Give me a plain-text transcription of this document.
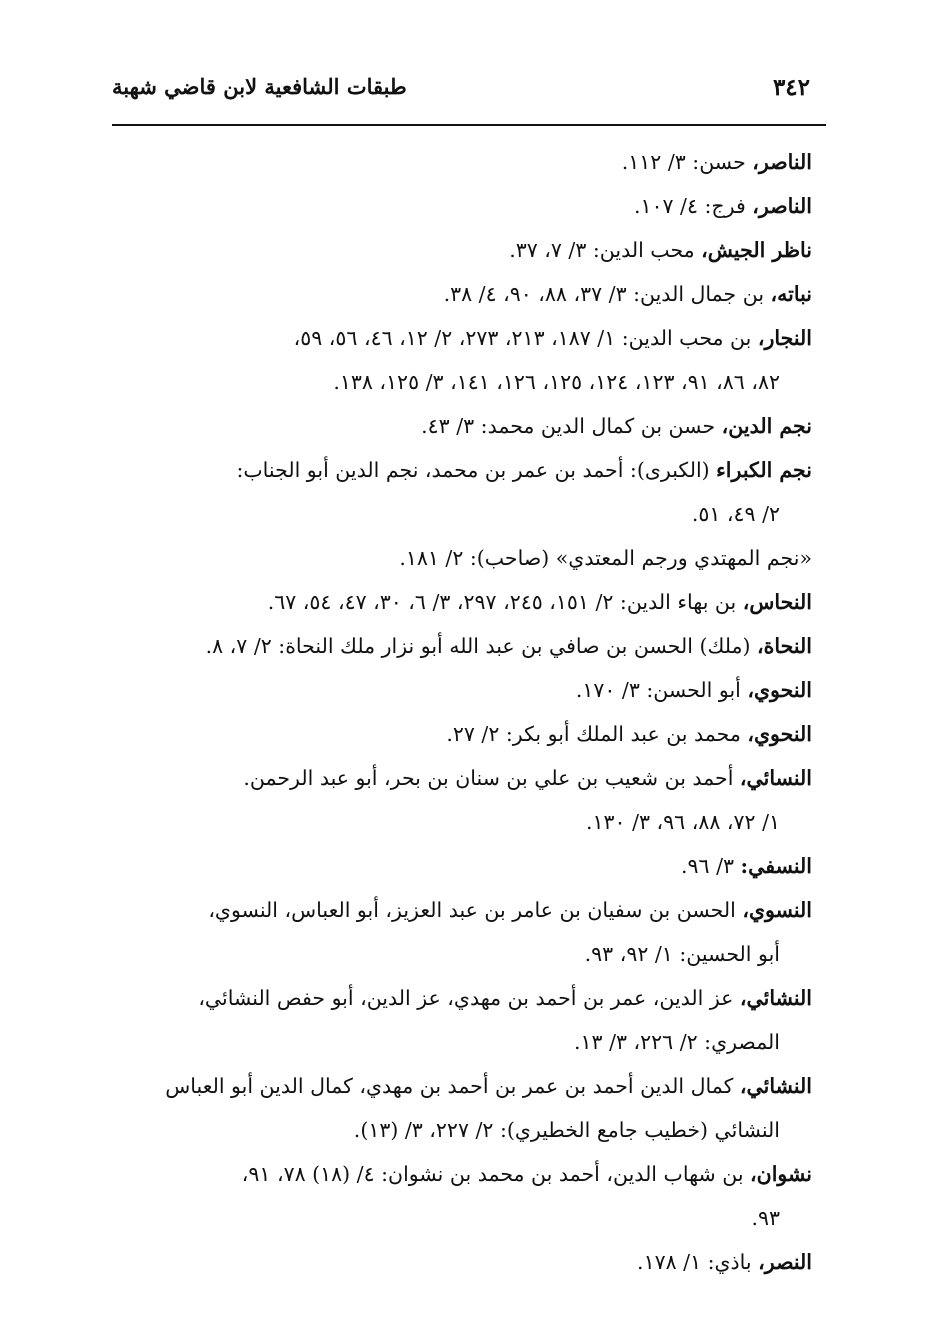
٣٤٢
طبقات الشافعية لابن قاضي شهبة

الناصر، حسن: ٣/ ١١٢.

الناصر، فرج: ٤/ ١٠٧.

ناظر الجيش، محب الدين: ٣/ ٧، ٣٧.

نباته، بن جمال الدين: ٣/ ٣٧، ٨٨، ٩٠، ٤/ ٣٨.

النجار، بن محب الدين: ١/ ١٨٧، ٢١٣، ٢٧٣، ٢/ ١٢، ٤٦، ٥٦، ٥٩،
٨٢، ٨٦، ٩١، ١٢٣، ١٢٤، ١٢٥، ١٢٦، ١٤١، ٣/ ١٢٥، ١٣٨.

نجم الدين، حسن بن كمال الدين محمد: ٣/ ٤٣.

نجم الكبراء (الكبرى): أحمد بن عمر بن محمد، نجم الدين أبو الجناب:
٢/ ٤٩، ٥١.

«نجم المهتدي ورجم المعتدي» (صاحب): ٢/ ١٨١.

النحاس، بن بهاء الدين: ٢/ ١٥١، ٢٤٥، ٢٩٧، ٣/ ٦، ٣٠، ٤٧، ٥٤، ٦٧.

النحاة، (ملك) الحسن بن صافي بن عبد الله أبو نزار ملك النحاة: ٢/ ٧، ٨.

النحوي، أبو الحسن: ٣/ ١٧٠.

النحوي، محمد بن عبد الملك أبو بكر: ٢/ ٢٧.

النسائي، أحمد بن شعيب بن علي بن سنان بن بحر، أبو عبد الرحمن.
١/ ٧٢، ٨٨، ٩٦، ٣/ ١٣٠.

النسفي: ٣/ ٩٦.

النسوي، الحسن بن سفيان بن عامر بن عبد العزيز، أبو العباس، النسوي،
أبو الحسين: ١/ ٩٢، ٩٣.

النشائي، عز الدين، عمر بن أحمد بن مهدي، عز الدين، أبو حفص النشائي،
المصري: ٢/ ٢٢٦، ٣/ ١٣.

النشائي، كمال الدين أحمد بن عمر بن أحمد بن مهدي، كمال الدين أبو العباس
النشائي (خطيب جامع الخطيري): ٢/ ٢٢٧، ٣/ (١٣).

نشوان، بن شهاب الدين، أحمد بن محمد بن نشوان: ٤/ (١٨) ٧٨، ٩١،
٩٣.

النصر، باذي: ١/ ١٧٨.
